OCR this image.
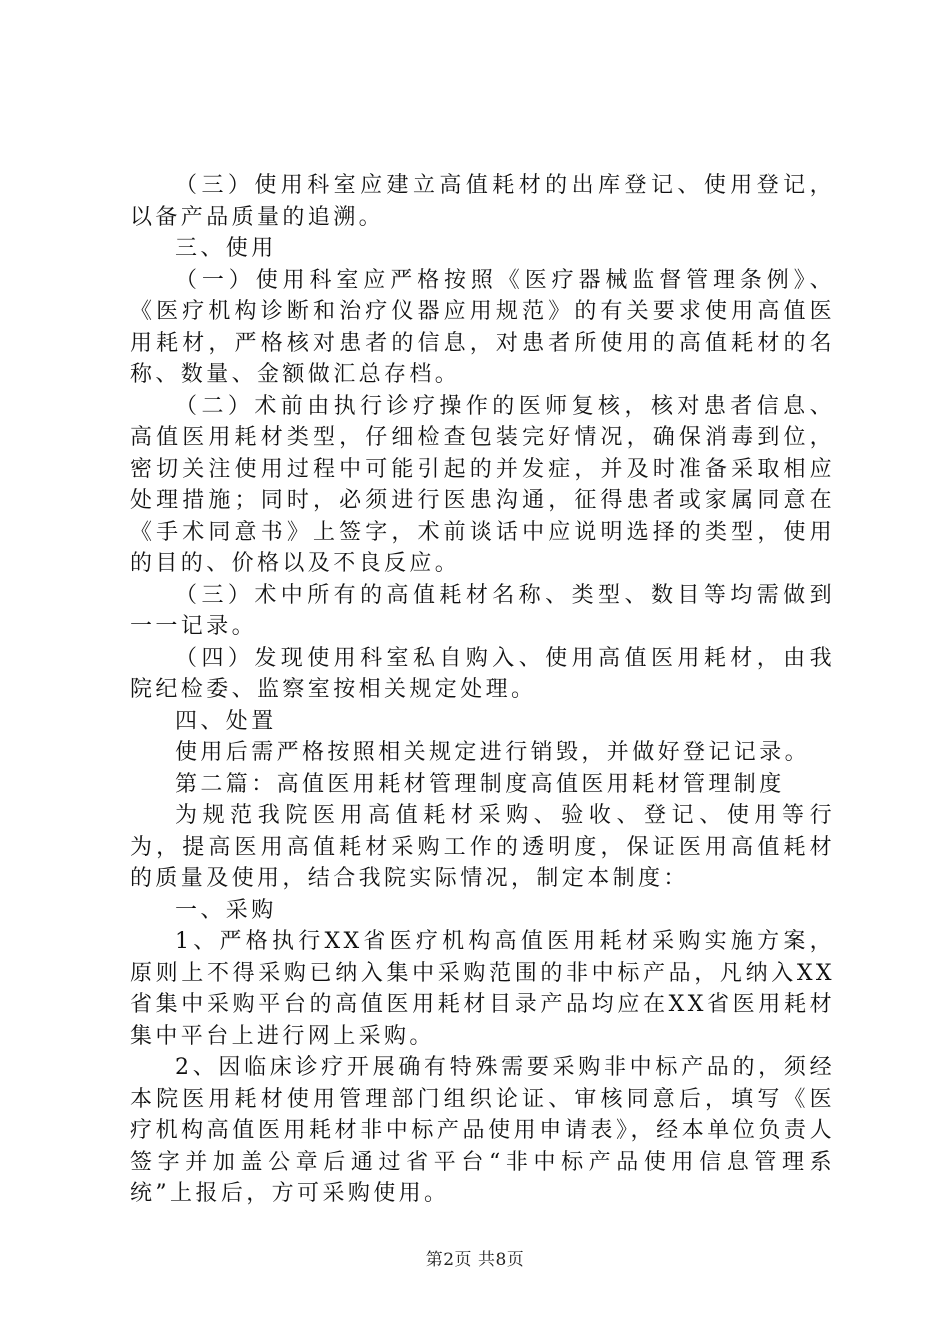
（三）使用科室应建立高值耗材的出库登记、使用登记，以备产品质量的追溯。

三、使用

（一）使用科室应严格按照《医疗器械监督管理条例》、《医疗机构诊断和治疗仪器应用规范》的有关要求使用高值医用耗材，严格核对患者的信息，对患者所使用的高值耗材的名称、数量、金额做汇总存档。

（二）术前由执行诊疗操作的医师复核，核对患者信息、高值医用耗材类型，仔细检查包装完好情况，确保消毒到位，密切关注使用过程中可能引起的并发症，并及时准备采取相应处理措施；同时，必须进行医患沟通，征得患者或家属同意在《手术同意书》上签字，术前谈话中应说明选择的类型，使用的目的、价格以及不良反应。

（三）术中所有的高值耗材名称、类型、数目等均需做到一一记录。

（四）发现使用科室私自购入、使用高值医用耗材，由我院纪检委、监察室按相关规定处理。

四、处置

使用后需严格按照相关规定进行销毁，并做好登记记录。

第二篇：高值医用耗材管理制度高值医用耗材管理制度

为规范我院医用高值耗材采购、验收、登记、使用等行为，提高医用高值耗材采购工作的透明度，保证医用高值耗材的质量及使用，结合我院实际情况，制定本制度：

一、采购

1、严格执行XX省医疗机构高值医用耗材采购实施方案，原则上不得采购已纳入集中采购范围的非中标产品，凡纳入XX省集中采购平台的高值医用耗材目录产品均应在XX省医用耗材集中平台上进行网上采购。

2、因临床诊疗开展确有特殊需要采购非中标产品的，须经本院医用耗材使用管理部门组织论证、审核同意后，填写《医疗机构高值医用耗材非中标产品使用申请表》，经本单位负责人签字并加盖公章后通过省平台“非中标产品使用信息管理系统”上报后，方可采购使用。

第2页 共8页
